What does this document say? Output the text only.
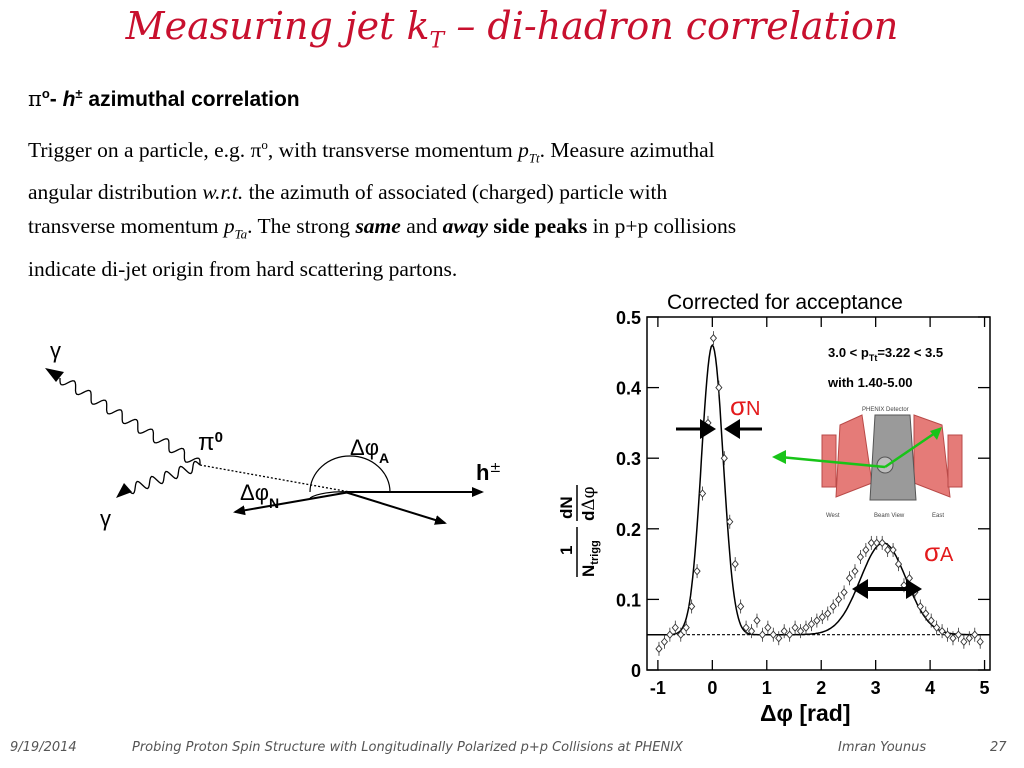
Measuring jet $k_T$ – di-hadron correlation
$\pi^o-$ h± azimuthal correlation

Trigger on a particle, e.g. $\pi^o$, with transverse momentum $p_{Tt}$. Measure azimuthal

angular distribution w.r.t. the azimuth of associated (charged) particle with

transverse momentum $p_{Ta}$. The strong same and away side peaks in p+p collisions

indicate di-jet origin from hard scattering partons.

γ
γ
$\pi^0$	$\Delta\varphi_A$
$\Delta\varphi_N$
h±
Corrected for acceptance
1
$N_{trigg}$
dN dΔφ
-1 0 1 2 3 4 5
0
0.1
0.2
0.3
0.4
0.5
$3.0 < p_{Tt}=3.22 < 3.5$
with 1.40-5.00
PHENIX Detector
West	Beam View	East
σN
σA
Δφ [rad]
9/19/2014	Probing Proton Spin Structure with Longitudinally Polarized p+p Collisions at PHENIX	Imran Younus	27
